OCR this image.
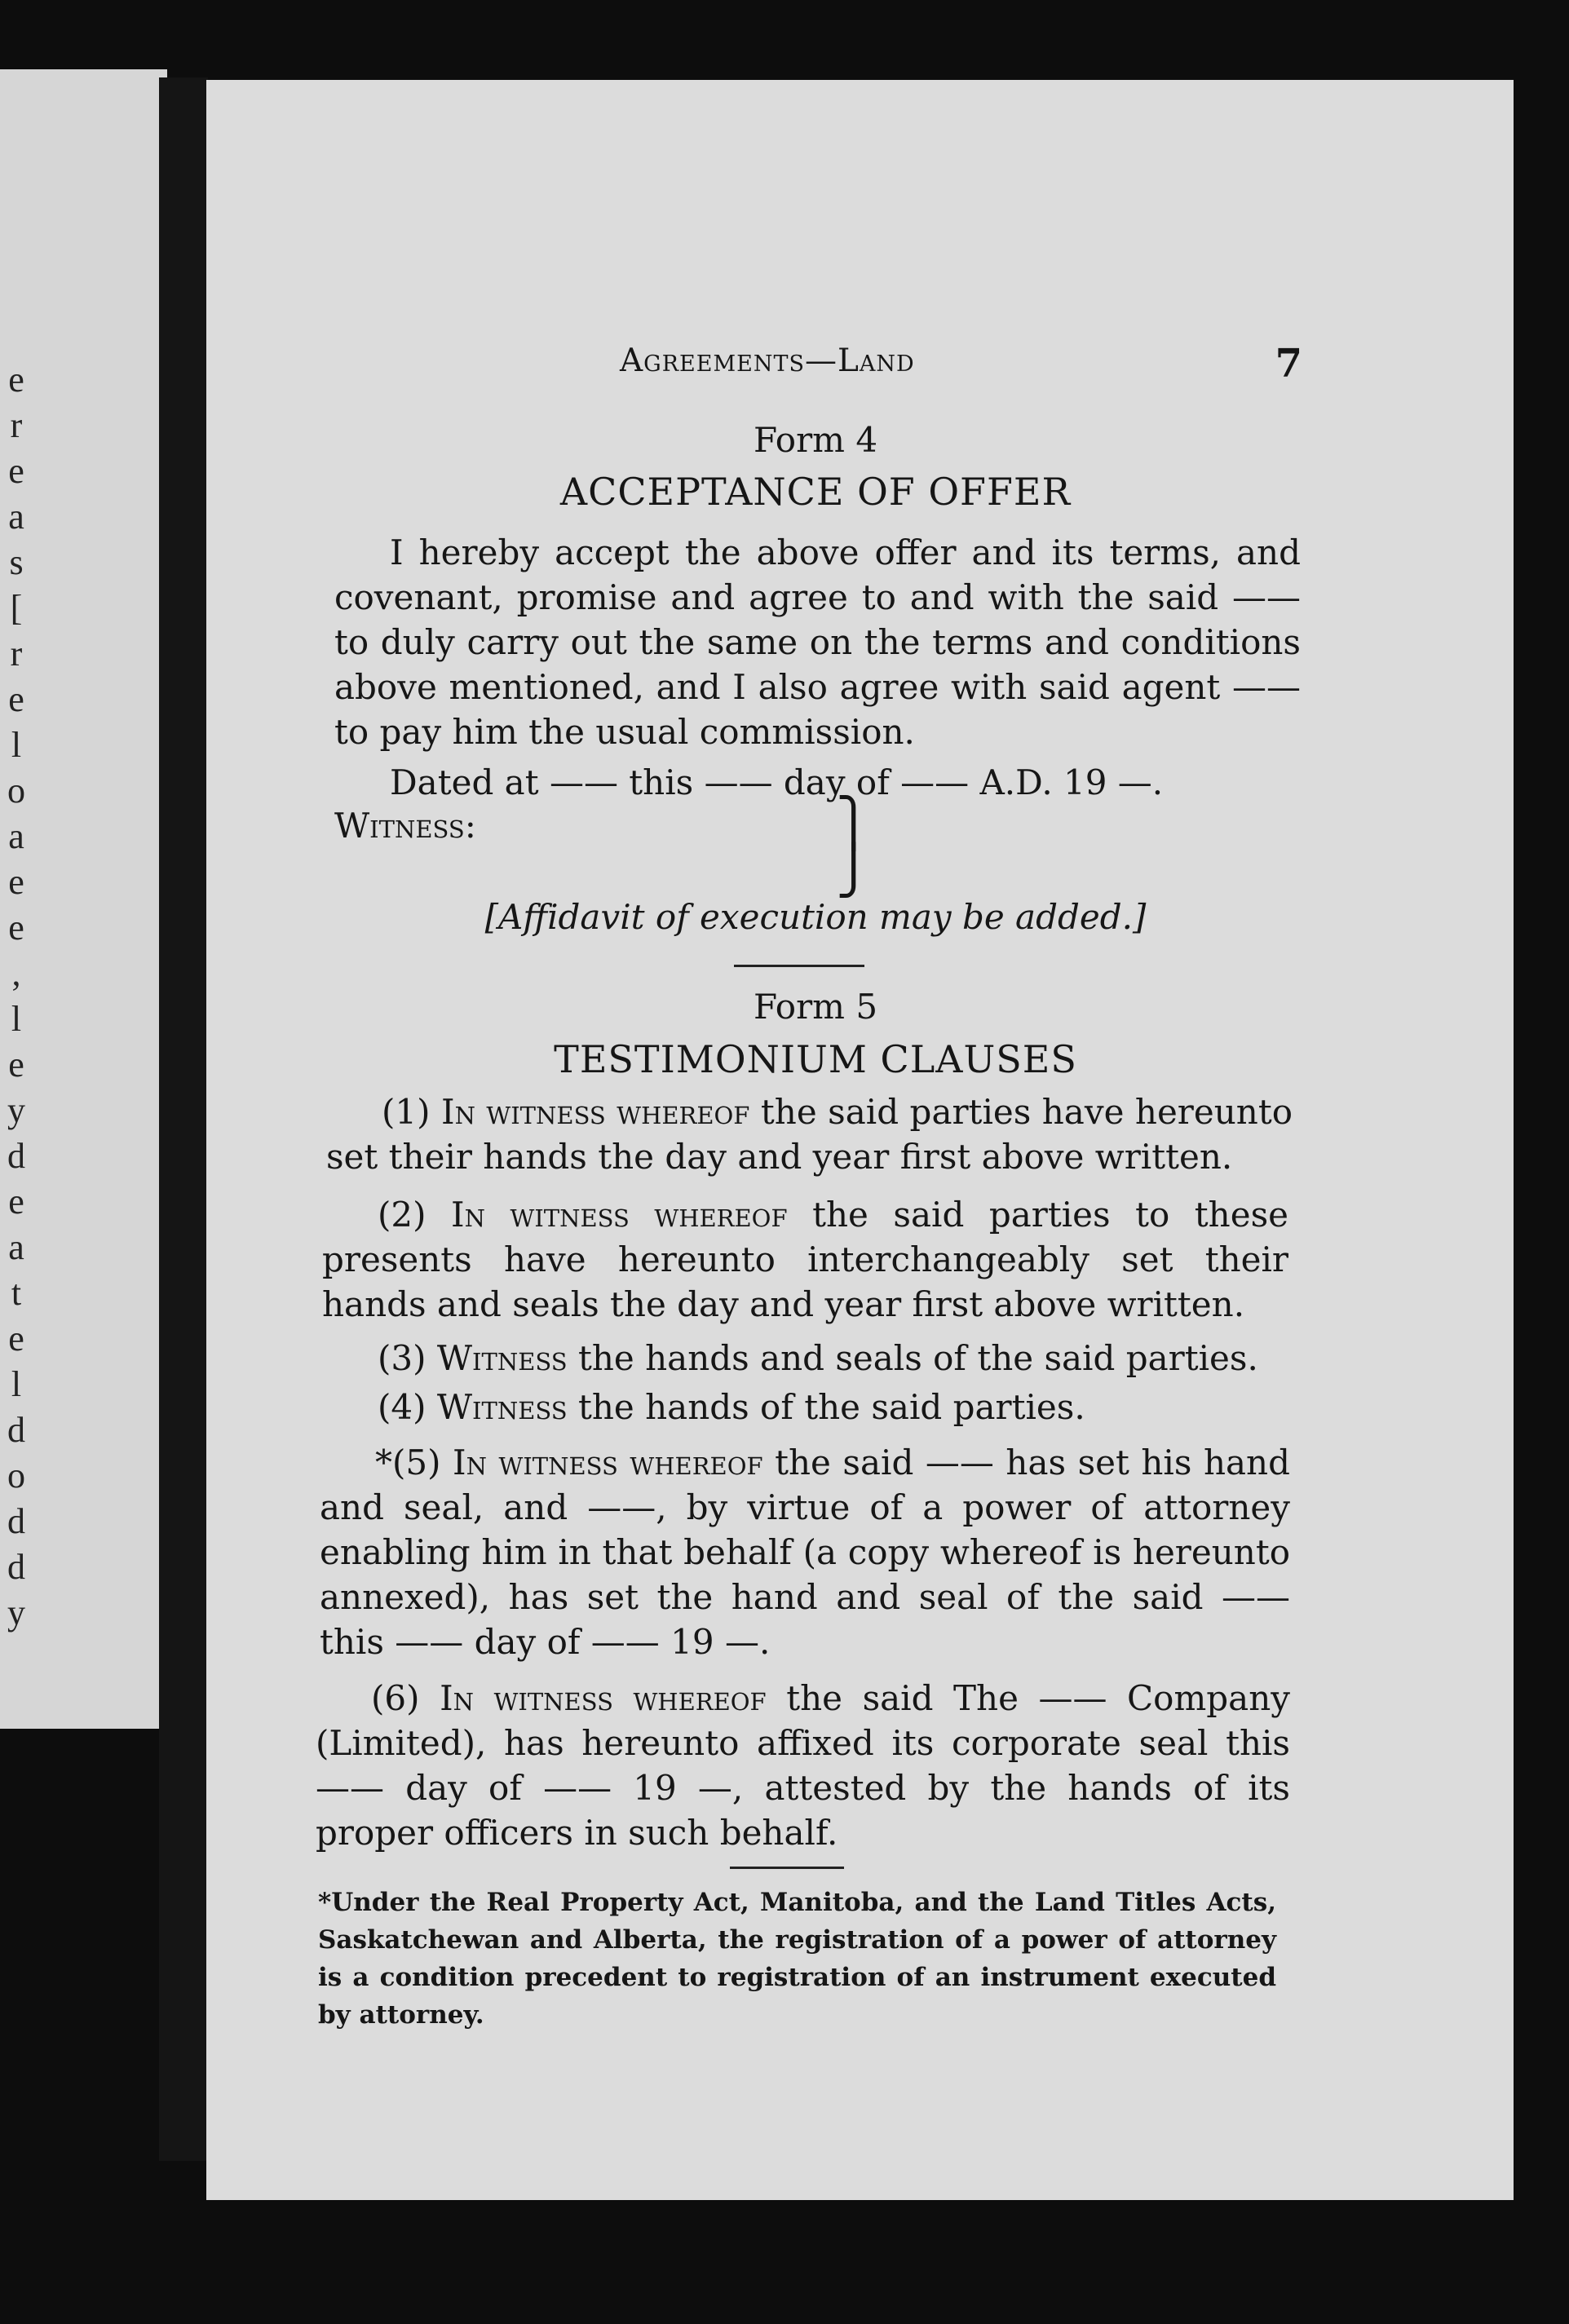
e
r
e
a
s
[
r
e
l
o
a
e
e
,
l
e
y
d
e
a
t
e
l
d
o
d
d
y
Agreements—Land	7
Form 4
ACCEPTANCE OF OFFER
I hereby accept the above offer and its terms, and covenant, promise and agree to and with the said —— to duly carry out the same on the terms and conditions above mentioned, and I also agree with said agent —— to pay him the usual commission.
Dated at —— this —— day of —— A.D. 19 —.
Witness:	⎫
⎭
[Affidavit of execution may be added.]
Form 5
TESTIMONIUM CLAUSES
(1) In witness whereof the said parties have hereunto set their hands the day and year first above written.
(2) In witness whereof the said parties to these presents have hereunto interchangeably set their hands and seals the day and year first above written.
(3) Witness the hands and seals of the said parties.
(4) Witness the hands of the said parties.
*(5) In witness whereof the said —— has set his hand and seal, and ——, by virtue of a power of attorney enabling him in that behalf (a copy whereof is hereunto annexed), has set the hand and seal of the said —— this —— day of —— 19 —.
(6) In witness whereof the said The —— Company (Limited), has hereunto affixed its corporate seal this —— day of —— 19 —, attested by the hands of its proper officers in such behalf.
*Under the Real Property Act, Manitoba, and the Land Titles Acts, Saskatchewan and Alberta, the registration of a power of attorney is a condition precedent to registration of an instrument executed by attorney.
